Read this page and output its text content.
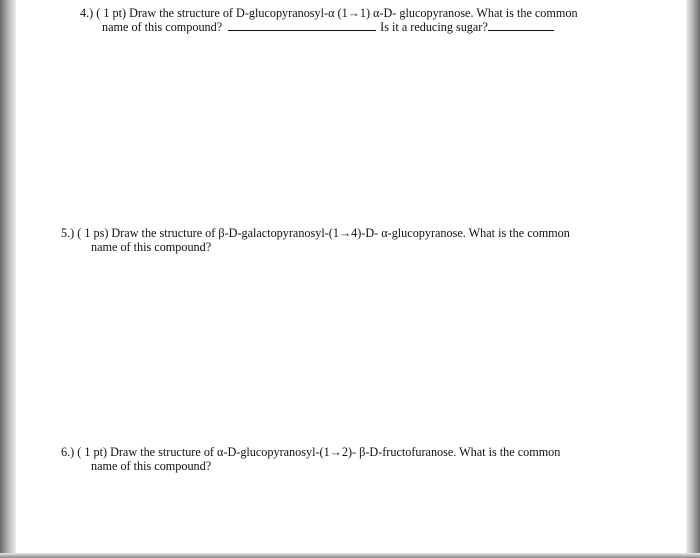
4.) ( 1 pt) Draw the structure of D-glucopyranosyl-α (1→1) α-D- glucopyranose. What is the common
name of this compound?	Is it a reducing sugar?
5.) ( 1 ps) Draw the structure of β-D-galactopyranosyl-(1→4)-D- α-glucopyranose. What is the common
name of this compound?
6.) ( 1 pt) Draw the structure of α-D-glucopyranosyl-(1→2)- β-D-fructofuranose. What is the common
name of this compound?
